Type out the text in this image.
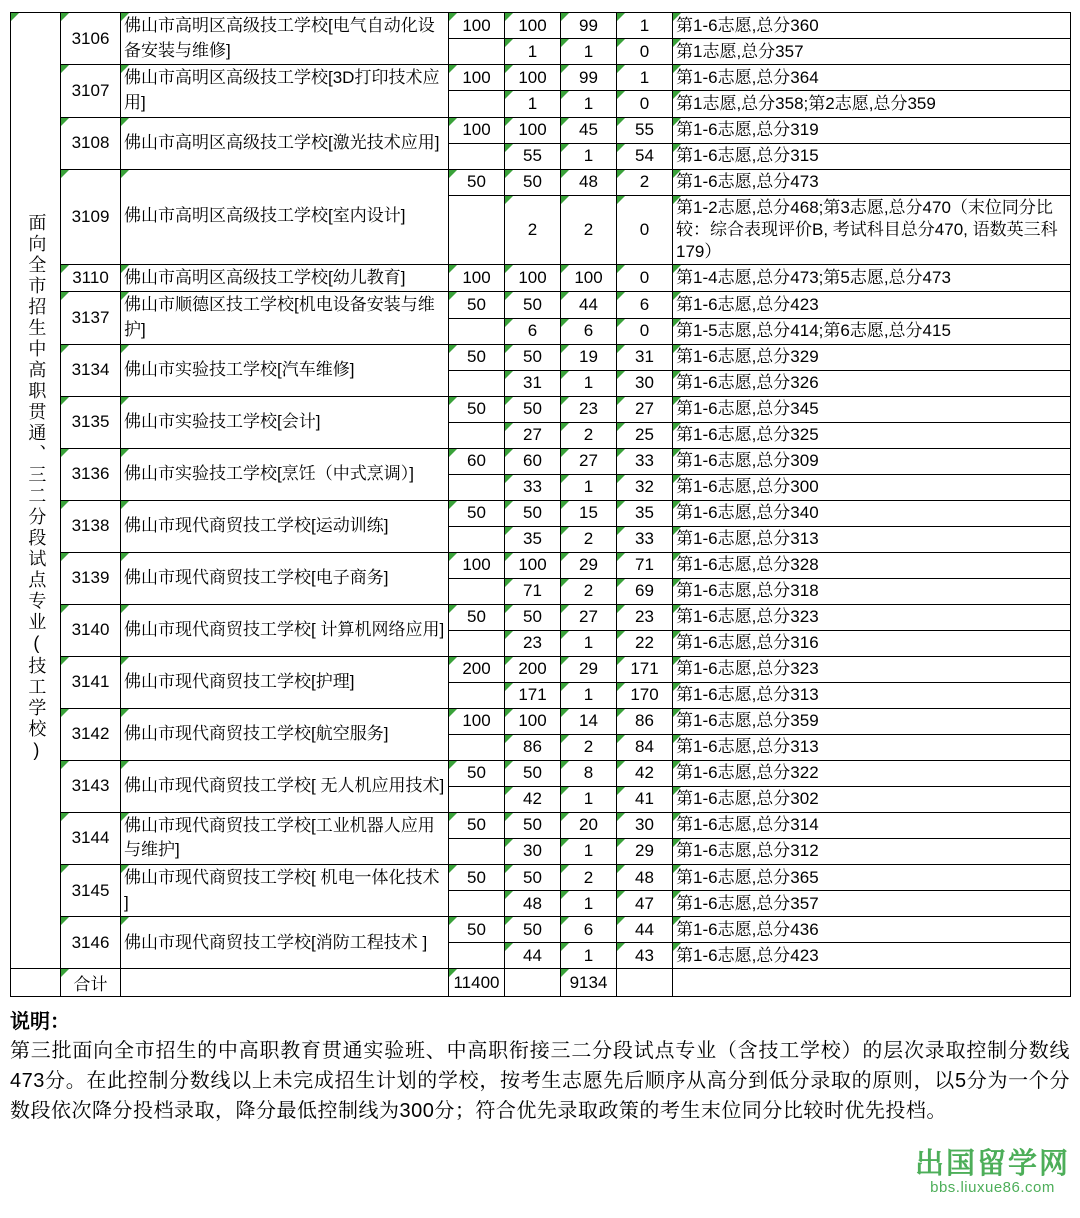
面向全市招生中高职贯通、三二分段试点专业(技工学校)	3106	佛山市高明区高级技工学校[电气自动化设备安装与维修]	100	100	99	1	第1-6志愿,总分360
				1	1	0	第1志愿,总分357
	3107	佛山市高明区高级技工学校[3D打印技术应用]	100	100	99	1	第1-6志愿,总分364
				1	1	0	第1志愿,总分358;第2志愿,总分359
	3108	佛山市高明区高级技工学校[激光技术应用]	100	100	45	55	第1-6志愿,总分319
				55	1	54	第1-6志愿,总分315
	3109	佛山市高明区高级技工学校[室内设计]	50	50	48	2	第1-6志愿,总分473
				2	2	0	第1-2志愿,总分468;第3志愿,总分470（末位同分比较：综合表现评价B, 考试科目总分470, 语数英三科179）
	3110	佛山市高明区高级技工学校[幼儿教育]	100	100	100	0	第1-4志愿,总分473;第5志愿,总分473
	3137	佛山市顺德区技工学校[机电设备安装与维护]	50	50	44	6	第1-6志愿,总分423
				6	6	0	第1-5志愿,总分414;第6志愿,总分415
	3134	佛山市实验技工学校[汽车维修]	50	50	19	31	第1-6志愿,总分329
				31	1	30	第1-6志愿,总分326
	3135	佛山市实验技工学校[会计]	50	50	23	27	第1-6志愿,总分345
				27	2	25	第1-6志愿,总分325
	3136	佛山市实验技工学校[烹饪（中式烹调）]	60	60	27	33	第1-6志愿,总分309
				33	1	32	第1-6志愿,总分300
	3138	佛山市现代商贸技工学校[运动训练]	50	50	15	35	第1-6志愿,总分340
				35	2	33	第1-6志愿,总分313
	3139	佛山市现代商贸技工学校[电子商务]	100	100	29	71	第1-6志愿,总分328
				71	2	69	第1-6志愿,总分318
	3140	佛山市现代商贸技工学校[ 计算机网络应用]	50	50	27	23	第1-6志愿,总分323
				23	1	22	第1-6志愿,总分316
	3141	佛山市现代商贸技工学校[护理]	200	200	29	171	第1-6志愿,总分323
				171	1	170	第1-6志愿,总分313
	3142	佛山市现代商贸技工学校[航空服务]	100	100	14	86	第1-6志愿,总分359
				86	2	84	第1-6志愿,总分313
	3143	佛山市现代商贸技工学校[ 无人机应用技术]	50	50	8	42	第1-6志愿,总分322
				42	1	41	第1-6志愿,总分302
	3144	佛山市现代商贸技工学校[工业机器人应用与维护]	50	50	20	30	第1-6志愿,总分314
				30	1	29	第1-6志愿,总分312
	3145	佛山市现代商贸技工学校[ 机电一体化技术 ]	50	50	2	48	第1-6志愿,总分365
				48	1	47	第1-6志愿,总分357
	3146	佛山市现代商贸技工学校[消防工程技术 ]	50	50	6	44	第1-6志愿,总分436
				44	1	43	第1-6志愿,总分423
	合计		11400		9134		
说明：
第三批面向全市招生的中高职教育贯通实验班、中高职衔接三二分段试点专业（含技工学校）的层次录取控制分数线473分。在此控制分数线以上未完成招生计划的学校，按考生志愿先后顺序从高分到低分录取的原则，以5分为一个分数段依次降分投档录取，降分最低控制线为300分；符合优先录取政策的考生末位同分比较时优先投档。
出国留学网
bbs.liuxue86.com
